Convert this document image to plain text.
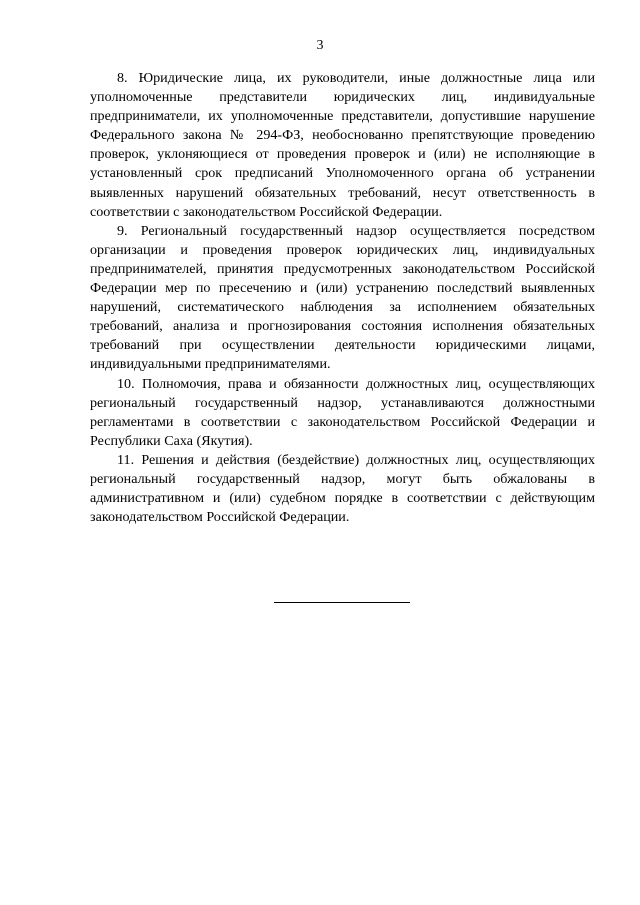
3

8. Юридические лица, их руководители, иные должностные лица или уполномоченные представители юридических лиц, индивидуальные предприниматели, их уполномоченные представители, допустившие нарушение Федерального закона № 294-ФЗ, необоснованно препятствующие проведению проверок, уклоняющиеся от проведения проверок и (или) не исполняющие в установленный срок предписаний Уполномоченного органа об устранении выявленных нарушений обязательных требований, несут ответственность в соответствии с законодательством Российской Федерации.

9. Региональный государственный надзор осуществляется посредством организации и проведения проверок юридических лиц, индивидуальных предпринимателей, принятия предусмотренных законодательством Российской Федерации мер по пресечению и (или) устранению последствий выявленных нарушений, систематического наблюдения за исполнением обязательных требований, анализа и прогнозирования состояния исполнения обязательных требований при осуществлении деятельности юридическими лицами, индивидуальными предпринимателями.

10. Полномочия, права и обязанности должностных лиц, осуществляющих региональный государственный надзор, устанавливаются должностными регламентами в соответствии с законодательством Российской Федерации и Республики Саха (Якутия).

11. Решения и действия (бездействие) должностных лиц, осуществляющих региональный государственный надзор, могут быть обжалованы в административном и (или) судебном порядке в соответствии с действующим законодательством Российской Федерации.
